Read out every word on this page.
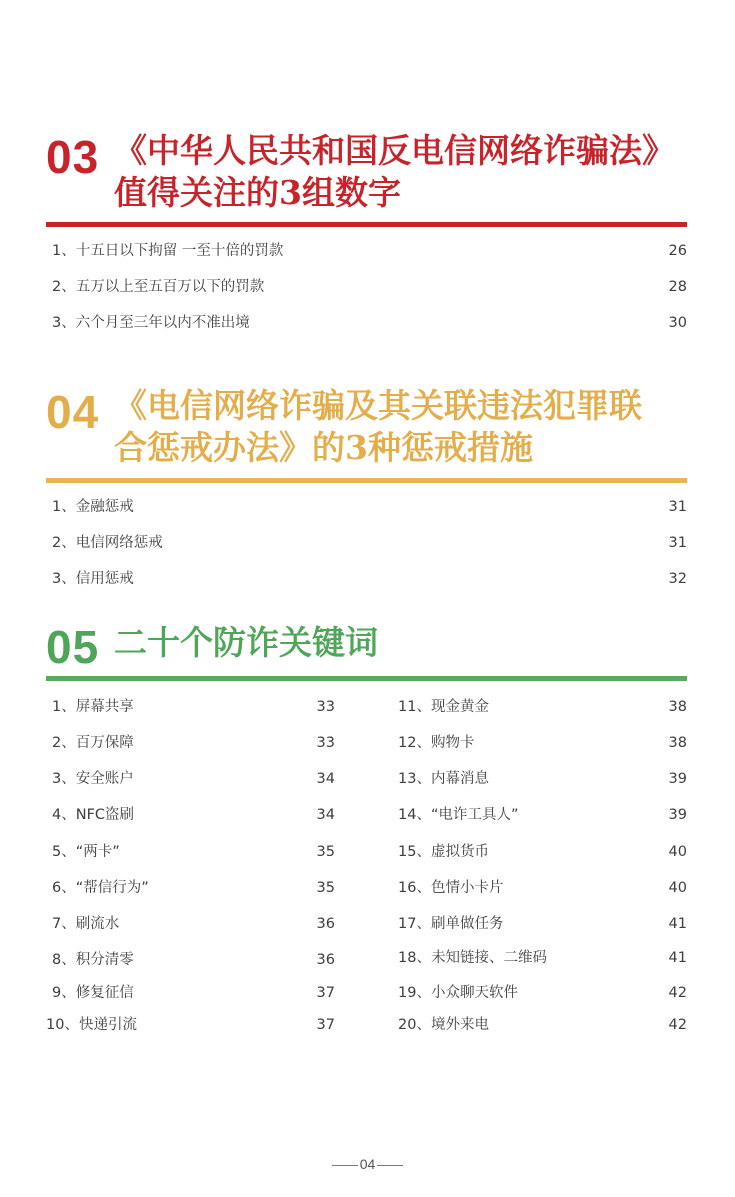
03 《中华人民共和国反电信网络诈骗法》
值得关注的3组数字
1、十五日以下拘留 一至十倍的罚款	26
2、五万以上至五百万以下的罚款	28
3、六个月至三年以内不准出境	30
04 《电信网络诈骗及其关联违法犯罪联
合惩戒办法》的3种惩戒措施
1、金融惩戒	31
2、电信网络惩戒	31
3、信用惩戒	32
05 二十个防诈关键词
1、屏幕共享	33
2、百万保障	33
3、安全账户	34
4、NFC盗刷	34
5、“两卡”	35
6、“帮信行为”	35
7、刷流水	36
8、积分清零	36
9、修复征信	37
10、快递引流	37
11、现金黄金	38
12、购物卡	38
13、内幕消息	39
14、“电诈工具人”	39
15、虚拟货币	40
16、色情小卡片	40
17、刷单做任务	41
18、未知链接、二维码	41
19、小众聊天软件	42
20、境外来电	42
04
